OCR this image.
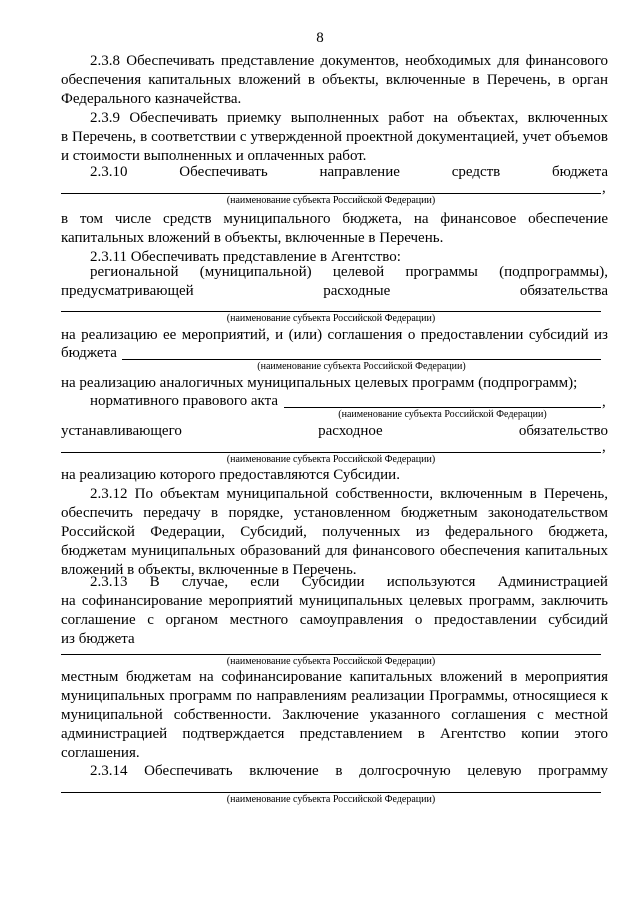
8
2.3.8 Обеспечивать представление документов, необходимых для финансового
обеспечения капитальных вложений в объекты, включенные в Перечень, в орган
Федерального казначейства.
2.3.9 Обеспечивать приемку выполненных работ на объектах, включенных
в Перечень, в соответствии с утвержденной проектной документацией, учет объемов
и стоимости выполненных и оплаченных работ.
2.3.10	Обеспечивать	направление	средств	бюджета
,
(наименование субъекта Российской Федерации)
в том числе средств муниципального бюджета, на финансовое обеспечение
капитальных вложений в объекты, включенные в Перечень.
2.3.11 Обеспечивать представление в Агентство:
региональной (муниципальной) целевой программы (подпрограммы),
предусматривающей	расходные	обязательства
(наименование субъекта Российской Федерации)
на реализацию ее мероприятий, и (или) соглашения о предоставлении субсидий из
бюджета
(наименование субъекта Российской Федерации)
на реализацию аналогичных муниципальных целевых программ (подпрограмм);
нормативного правового акта	,
(наименование субъекта Российской Федерации)
устанавливающего	расходное	обязательство
,
(наименование субъекта Российской Федерации)
на реализацию которого предоставляются Субсидии.
2.3.12 По объектам муниципальной собственности, включенным в Перечень,
обеспечить передачу в порядке, установленном бюджетным законодательством
Российской Федерации, Субсидий, полученных из федерального бюджета,
бюджетам муниципальных образований для финансового обеспечения капитальных
вложений в объекты, включенные в Перечень.
2.3.13 В случае, если Субсидии используются Администрацией
на софинансирование мероприятий муниципальных целевых программ, заключить
соглашение с органом местного самоуправления о предоставлении субсидий
из бюджета
(наименование субъекта Российской Федерации)
местным бюджетам на софинансирование капитальных вложений в мероприятия
муниципальных программ по направлениям реализации Программы, относящиеся к
муниципальной собственности. Заключение указанного соглашения с местной
администрацией подтверждается представлением в Агентство копии этого
соглашения.
2.3.14 Обеспечивать включение в долгосрочную целевую программу
(наименование субъекта Российской Федерации)
